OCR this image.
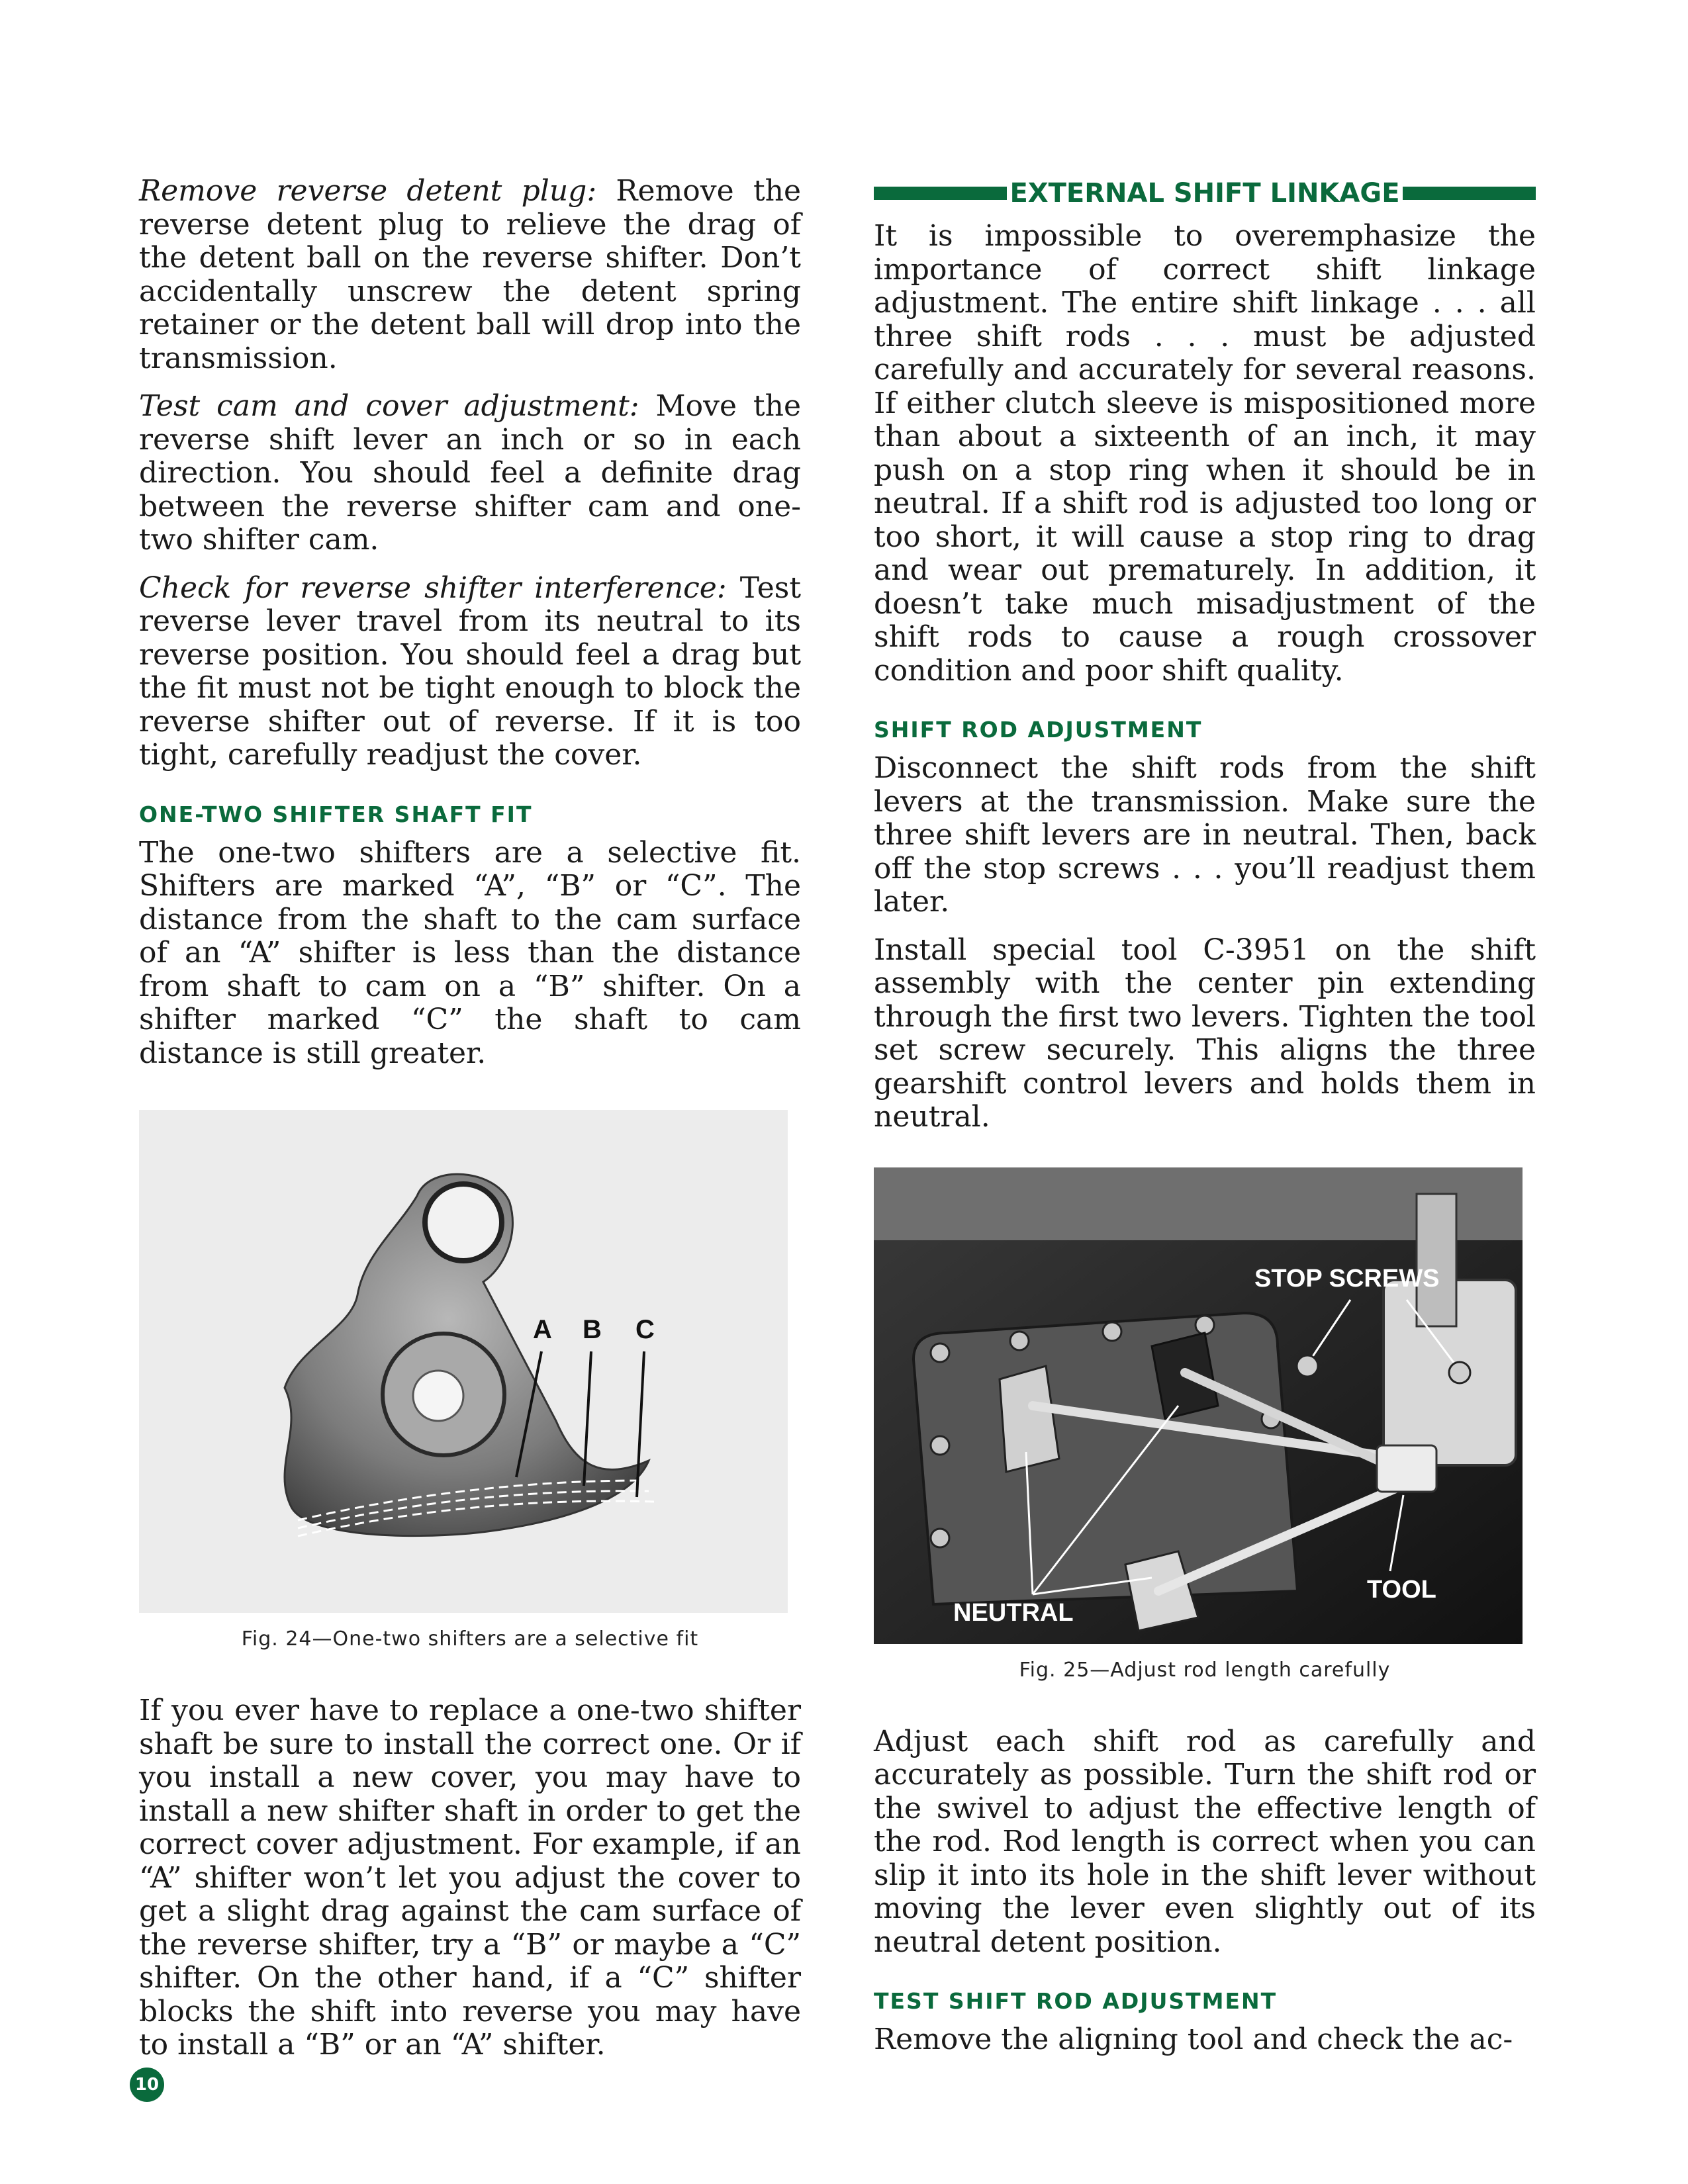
Remove reverse detent plug: Remove the reverse detent plug to relieve the drag of the detent ball on the reverse shifter. Don’t accidentally unscrew the detent spring retainer or the detent ball will drop into the transmission.

Test cam and cover adjustment: Move the reverse shift lever an inch or so in each direction. You should feel a definite drag between the reverse shifter cam and one-two shifter cam.

Check for reverse shifter interference: Test reverse lever travel from its neutral to its reverse position. You should feel a drag but the fit must not be tight enough to block the reverse shifter out of reverse. If it is too tight, carefully readjust the cover.

ONE-TWO SHIFTER SHAFT FIT

The one-two shifters are a selective fit. Shifters are marked “A”, “B” or “C”. The distance from the shaft to the cam surface of an “A” shifter is less than the distance from shaft to cam on a “B” shifter. On a shifter marked “C” the shaft to cam distance is still greater.

A B C
Fig. 24—One-two shifters are a selective fit

If you ever have to replace a one-two shifter shaft be sure to install the correct one. Or if you install a new cover, you may have to install a new shifter shaft in order to get the correct cover adjustment. For example, if an “A” shifter won’t let you adjust the cover to get a slight drag against the cam surface of the reverse shifter, try a “B” or maybe a “C” shifter. On the other hand, if a “C” shifter blocks the shift into reverse you may have to install a “B” or an “A” shifter.

EXTERNAL SHIFT LINKAGE

It is impossible to overemphasize the importance of correct shift linkage adjustment. The entire shift linkage . . . all three shift rods . . . must be adjusted carefully and accurately for several reasons. If either clutch sleeve is mispositioned more than about a sixteenth of an inch, it may push on a stop ring when it should be in neutral. If a shift rod is adjusted too long or too short, it will cause a stop ring to drag and wear out prematurely. In addition, it doesn’t take much misadjustment of the shift rods to cause a rough crossover condition and poor shift quality.

SHIFT ROD ADJUSTMENT

Disconnect the shift rods from the shift levers at the transmission. Make sure the three shift levers are in neutral. Then, back off the stop screws . . . you’ll readjust them later.

Install special tool C-3951 on the shift assembly with the center pin extending through the first two levers. Tighten the tool set screw securely. This aligns the three gearshift control levers and holds them in neutral.

STOP SCREWS
NEUTRAL
TOOL
Fig. 25—Adjust rod length carefully

Adjust each shift rod as carefully and accurately as possible. Turn the shift rod or the swivel to adjust the effective length of the rod. Rod length is correct when you can slip it into its hole in the shift lever without moving the lever even slightly out of its neutral detent position.

TEST SHIFT ROD ADJUSTMENT

Remove the aligning tool and check the ac-

10
